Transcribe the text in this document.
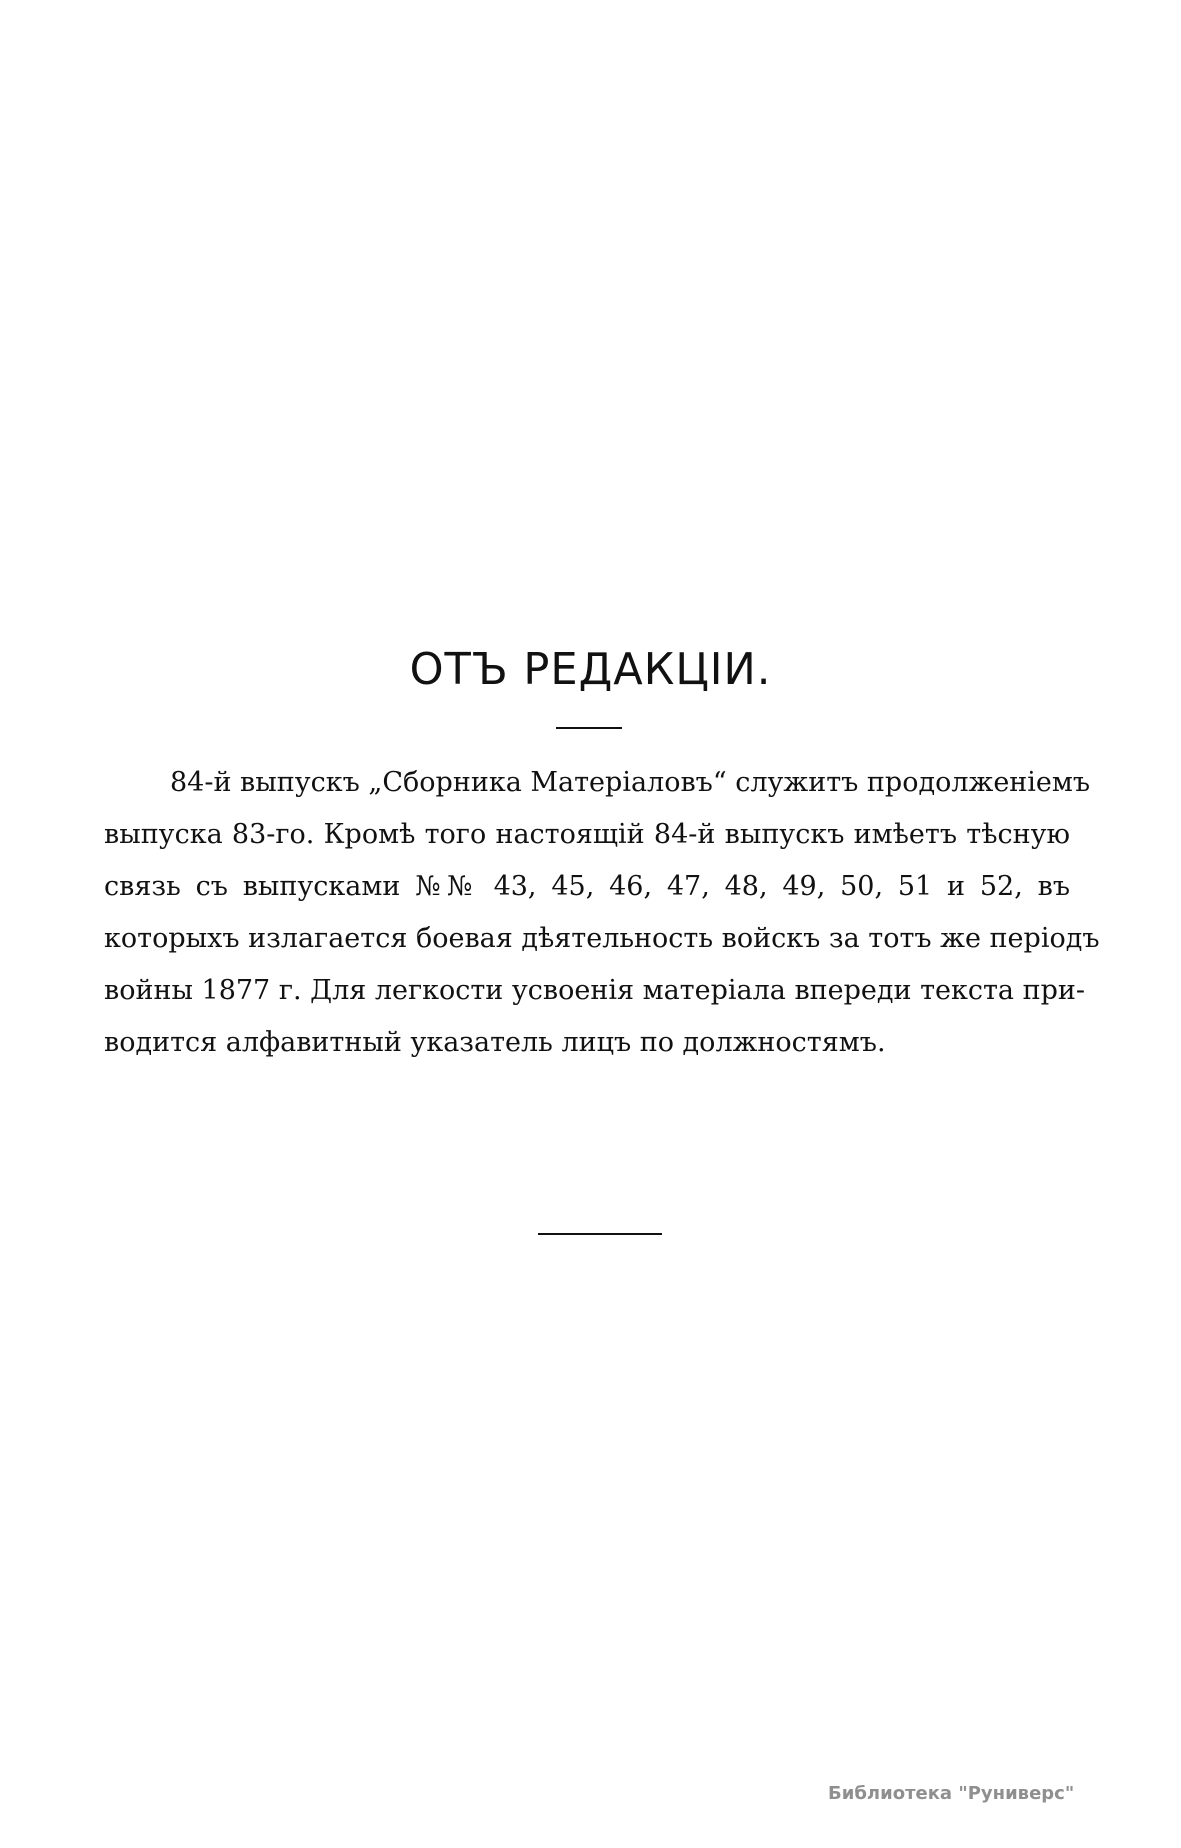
ОТЪ РЕДАКЦІИ.
84-й выпускъ „Сборника Матеріаловъ“ служитъ продолженіемъ
выпуска 83-го. Кромѣ того настоящій 84-й выпускъ имѣетъ тѣсную
связь съ выпусками №№ 43, 45, 46, 47, 48, 49, 50, 51 и 52, въ
которыхъ излагается боевая дѣятельность войскъ за тотъ же періодъ
войны 1877 г. Для легкости усвоенія матеріала впереди текста при-
водится алфавитный указатель лицъ по должностямъ.
Библиотека "Руниверс"
